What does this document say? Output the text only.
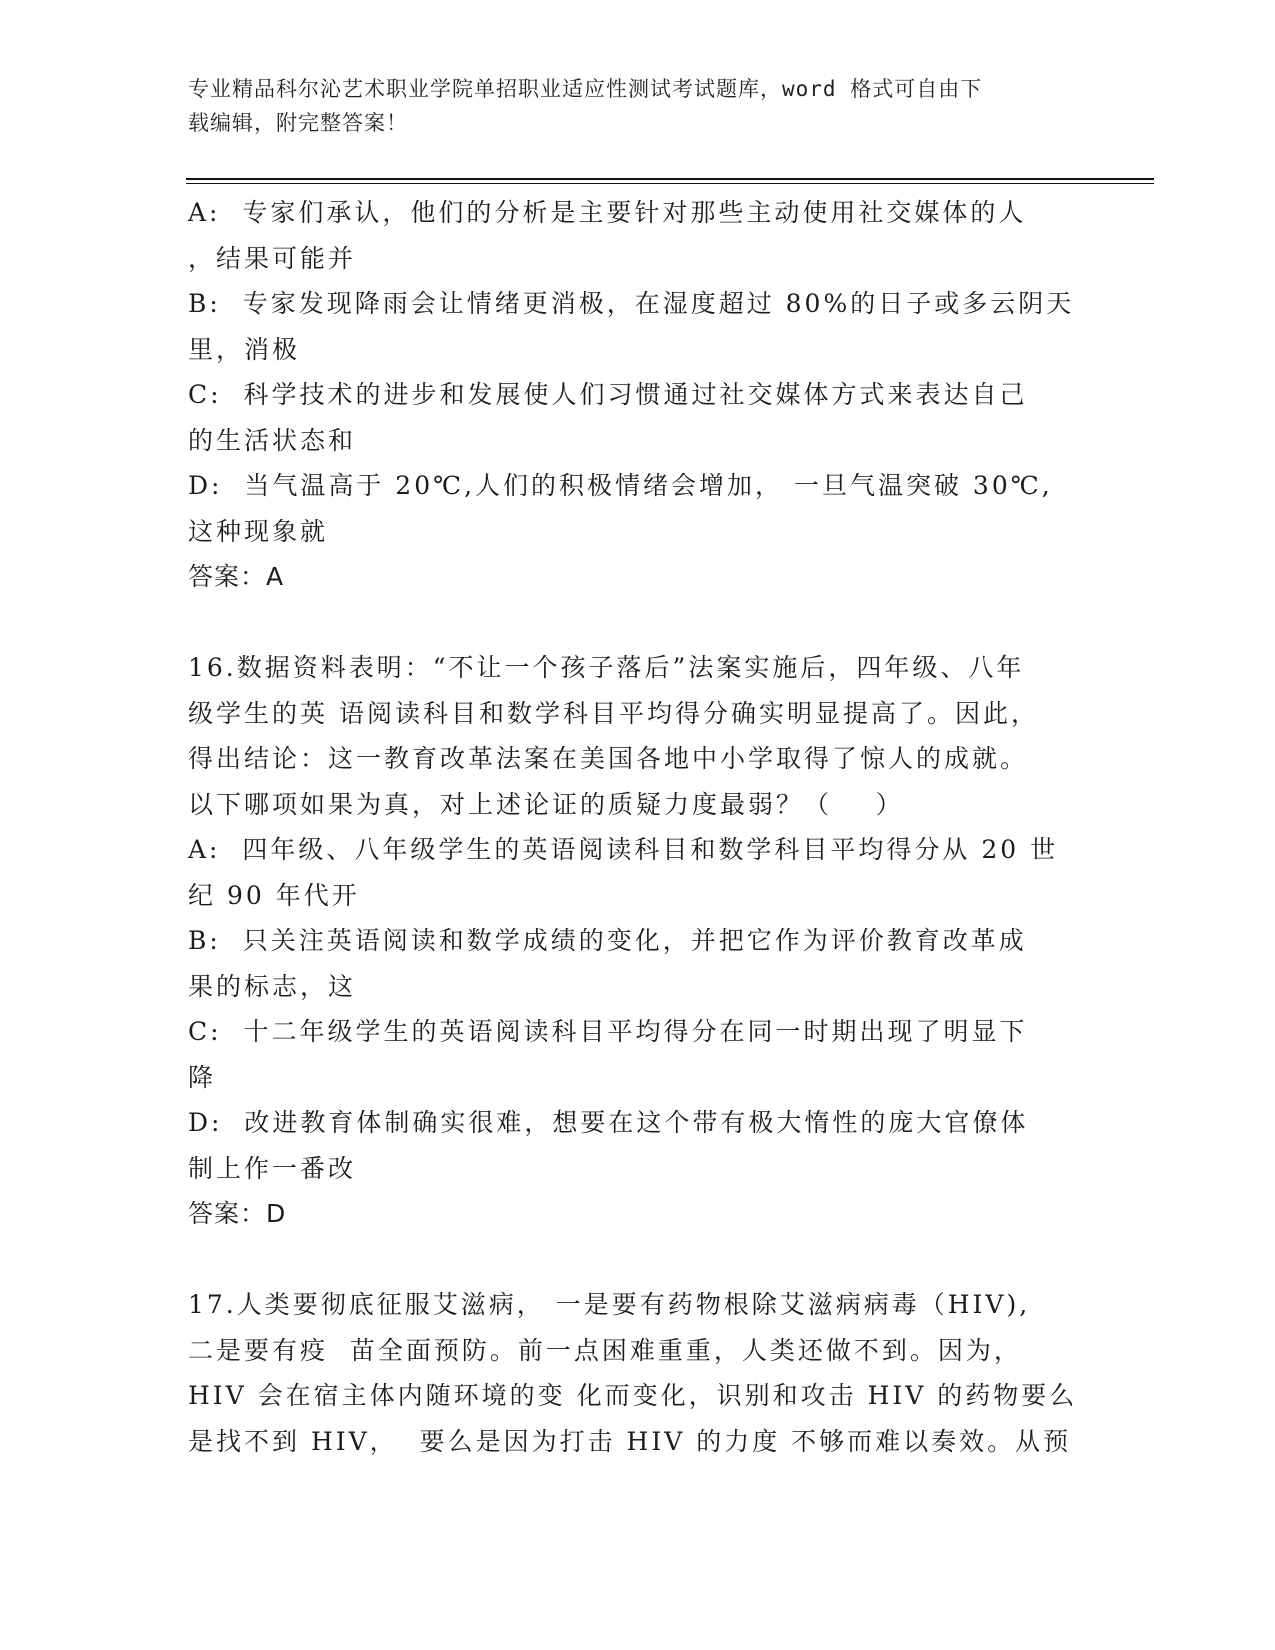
专业精品科尔沁艺术职业学院单招职业适应性测试考试题库，word 格式可自由下
载编辑，附完整答案！
A:  专家们承认，他们的分析是主要针对那些主动使用社交媒体的人
，结果可能并
B:  专家发现降雨会让情绪更消极，在湿度超过 80%的日子或多云阴天
里，消极
C:  科学技术的进步和发展使人们习惯通过社交媒体方式来表达自己
的生活状态和
D:  当气温高于 20℃,人们的积极情绪会增加， 一旦气温突破 30℃,
这种现象就
答案：A
16.数据资料表明：“不让一个孩子落后”法案实施后，四年级、八年
级学生的英 语阅读科目和数学科目平均得分确实明显提高了。因此，
得出结论：这一教育改革法案在美国各地中小学取得了惊人的成就。
以下哪项如果为真，对上述论证的质疑力度最弱？（    ）
A:  四年级、八年级学生的英语阅读科目和数学科目平均得分从 20 世
纪 90 年代开
B:  只关注英语阅读和数学成绩的变化，并把它作为评价教育改革成
果的标志，这
C:  十二年级学生的英语阅读科目平均得分在同一时期出现了明显下
降
D:  改进教育体制确实很难，想要在这个带有极大惰性的庞大官僚体
制上作一番改
答案：D
17.人类要彻底征服艾滋病， 一是要有药物根除艾滋病病毒（HIV),
二是要有疫  苗全面预防。前一点困难重重，人类还做不到。因为，
HIV 会在宿主体内随环境的变 化而变化，识别和攻击 HIV 的药物要么
是找不到 HIV，  要么是因为打击 HIV 的力度 不够而难以奏效。从预
